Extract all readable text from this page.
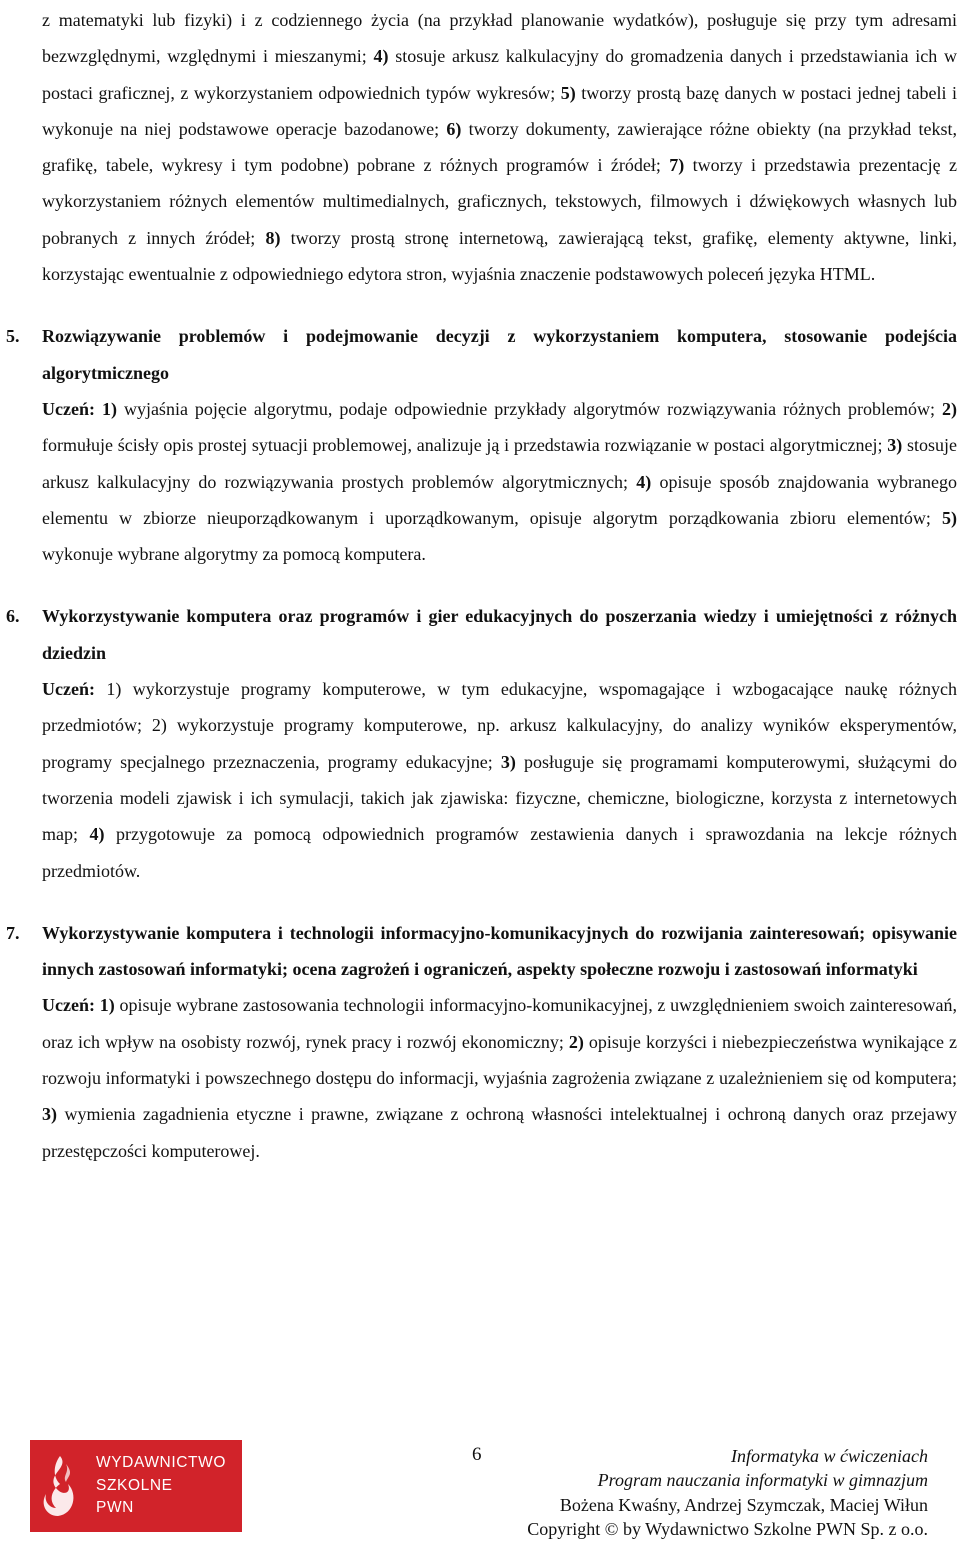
z matematyki lub fizyki) i z codziennego życia (na przykład planowanie wydatków), posługuje się przy tym adresami bezwzględnymi, względnymi i mieszanymi; 4) stosuje arkusz kalkulacyjny do gromadzenia danych i przedstawiania ich w postaci graficznej, z wykorzystaniem odpowiednich typów wykresów; 5) tworzy prostą bazę danych w postaci jednej tabeli i wykonuje na niej podstawowe operacje bazodanowe; 6) tworzy dokumenty, zawierające różne obiekty (na przykład tekst, grafikę, tabele, wykresy i tym podobne) pobrane z różnych programów i źródeł; 7) tworzy i przedstawia prezentację z wykorzystaniem różnych elementów multimedialnych, graficznych, tekstowych, filmowych i dźwiękowych własnych lub pobranych z innych źródeł; 8) tworzy prostą stronę internetową, zawierającą tekst, grafikę, elementy aktywne, linki, korzystając ewentualnie z odpowiedniego edytora stron, wyjaśnia znaczenie podstawowych poleceń języka HTML.

5. Rozwiązywanie problemów i podejmowanie decyzji z wykorzystaniem komputera, stosowanie podejścia algorytmicznego

Uczeń: 1) wyjaśnia pojęcie algorytmu, podaje odpowiednie przykłady algorytmów rozwiązywania różnych problemów; 2) formułuje ścisły opis prostej sytuacji problemowej, analizuje ją i przedstawia rozwiązanie w postaci algorytmicznej; 3) stosuje arkusz kalkulacyjny do rozwiązywania prostych problemów algorytmicznych; 4) opisuje sposób znajdowania wybranego elementu w zbiorze nieuporządkowanym i uporządkowanym, opisuje algorytm porządkowania zbioru elementów; 5) wykonuje wybrane algorytmy za pomocą komputera.

6. Wykorzystywanie komputera oraz programów i gier edukacyjnych do poszerzania wiedzy i umiejętności z różnych dziedzin

Uczeń: 1) wykorzystuje programy komputerowe, w tym edukacyjne, wspomagające i wzbogacające naukę różnych przedmiotów; 2) wykorzystuje programy komputerowe, np. arkusz kalkulacyjny, do analizy wyników eksperymentów, programy specjalnego przeznaczenia, programy edukacyjne; 3) posługuje się programami komputerowymi, służącymi do tworzenia modeli zjawisk i ich symulacji, takich jak zjawiska: fizyczne, chemiczne, biologiczne, korzysta z internetowych map; 4) przygotowuje za pomocą odpowiednich programów zestawienia danych i sprawozdania na lekcje różnych przedmiotów.

7. Wykorzystywanie komputera i technologii informacyjno-komunikacyjnych do rozwijania zainteresowań; opisywanie innych zastosowań informatyki; ocena zagrożeń i ograniczeń, aspekty społeczne rozwoju i zastosowań informatyki

Uczeń: 1) opisuje wybrane zastosowania technologii informacyjno-komunikacyjnej, z uwzględnieniem swoich zainteresowań, oraz ich wpływ na osobisty rozwój, rynek pracy i rozwój ekonomiczny; 2) opisuje korzyści i niebezpieczeństwa wynikające z rozwoju informatyki i powszechnego dostępu do informacji, wyjaśnia zagrożenia związane z uzależnieniem się od komputera; 3) wymienia zagadnienia etyczne i prawne, związane z ochroną własności intelektualnej i ochroną danych oraz przejawy przestępczości komputerowej.

WYDAWNICTWO
SZKOLNE
PWN
6	Informatyka w ćwiczeniach
Program nauczania informatyki w gimnazjum
Bożena Kwaśny, Andrzej Szymczak, Maciej Wiłun
Copyright © by Wydawnictwo Szkolne PWN Sp. z o.o.
